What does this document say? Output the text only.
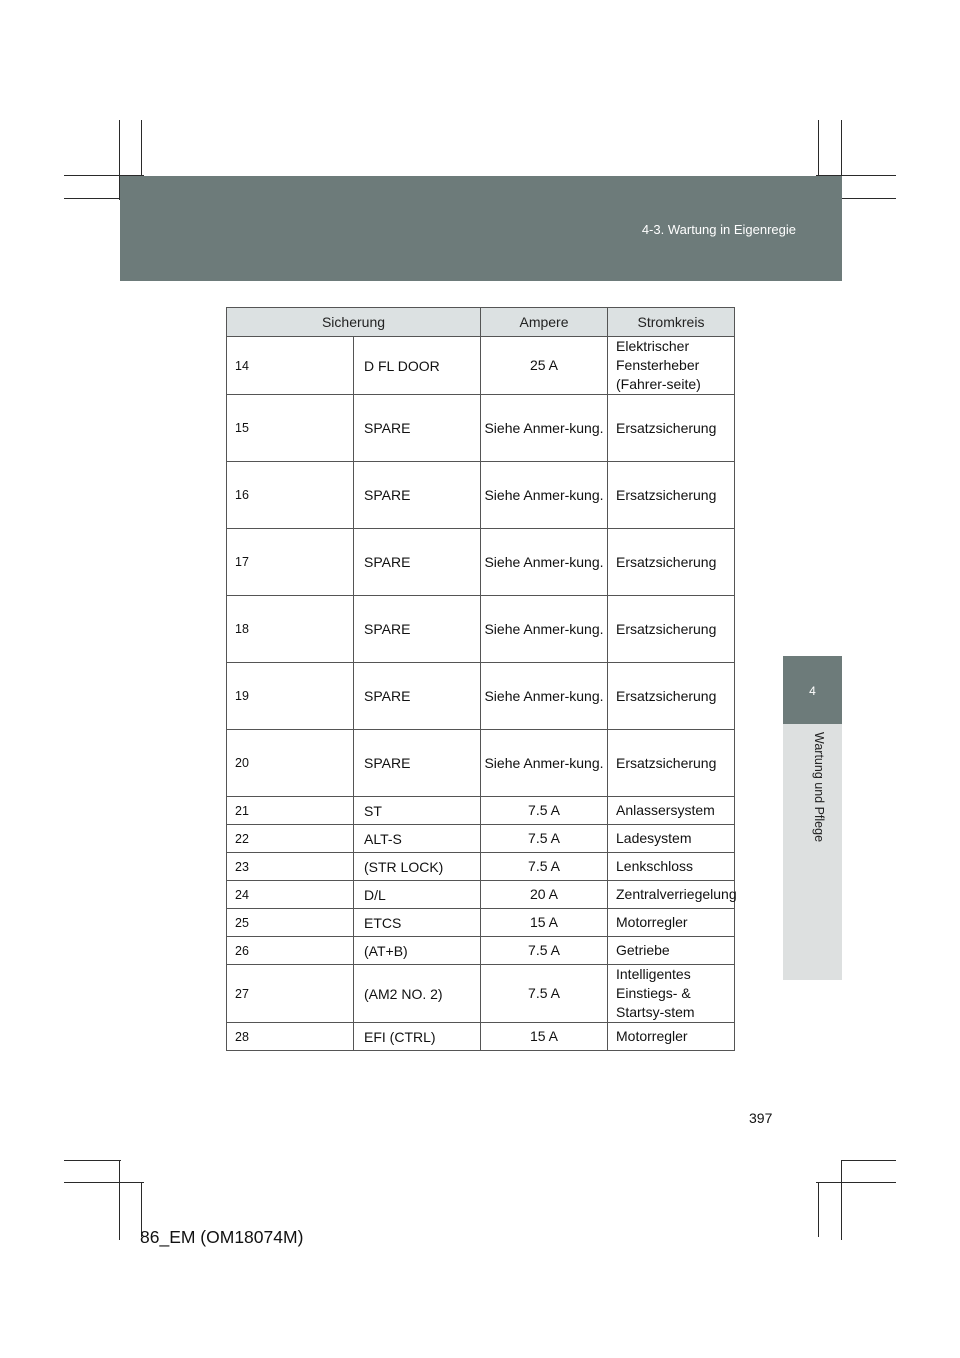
4-3. Wartung in Eigenregie
4
Wartung und Pflege
Sicherung		Ampere	Stromkreis
14	D FL DOOR	25 A	Elektrischer Fensterheber (Fahrer-seite)
15	SPARE	Siehe Anmer-kung.	Ersatzsicherung
16	SPARE	Siehe Anmer-kung.	Ersatzsicherung
17	SPARE	Siehe Anmer-kung.	Ersatzsicherung
18	SPARE	Siehe Anmer-kung.	Ersatzsicherung
19	SPARE	Siehe Anmer-kung.	Ersatzsicherung
20	SPARE	Siehe Anmer-kung.	Ersatzsicherung
21	ST	7.5 A	Anlassersystem
22	ALT-S	7.5 A	Ladesystem
23	(STR LOCK)	7.5 A	Lenkschloss
24	D/L	20 A	Zentralverriegelung
25	ETCS	15 A	Motorregler
26	(AT+B)	7.5 A	Getriebe
27	(AM2 NO. 2)	7.5 A	Intelligentes Einstiegs- & Startsy-stem
28	EFI (CTRL)	15 A	Motorregler
397
86_EM (OM18074M)
